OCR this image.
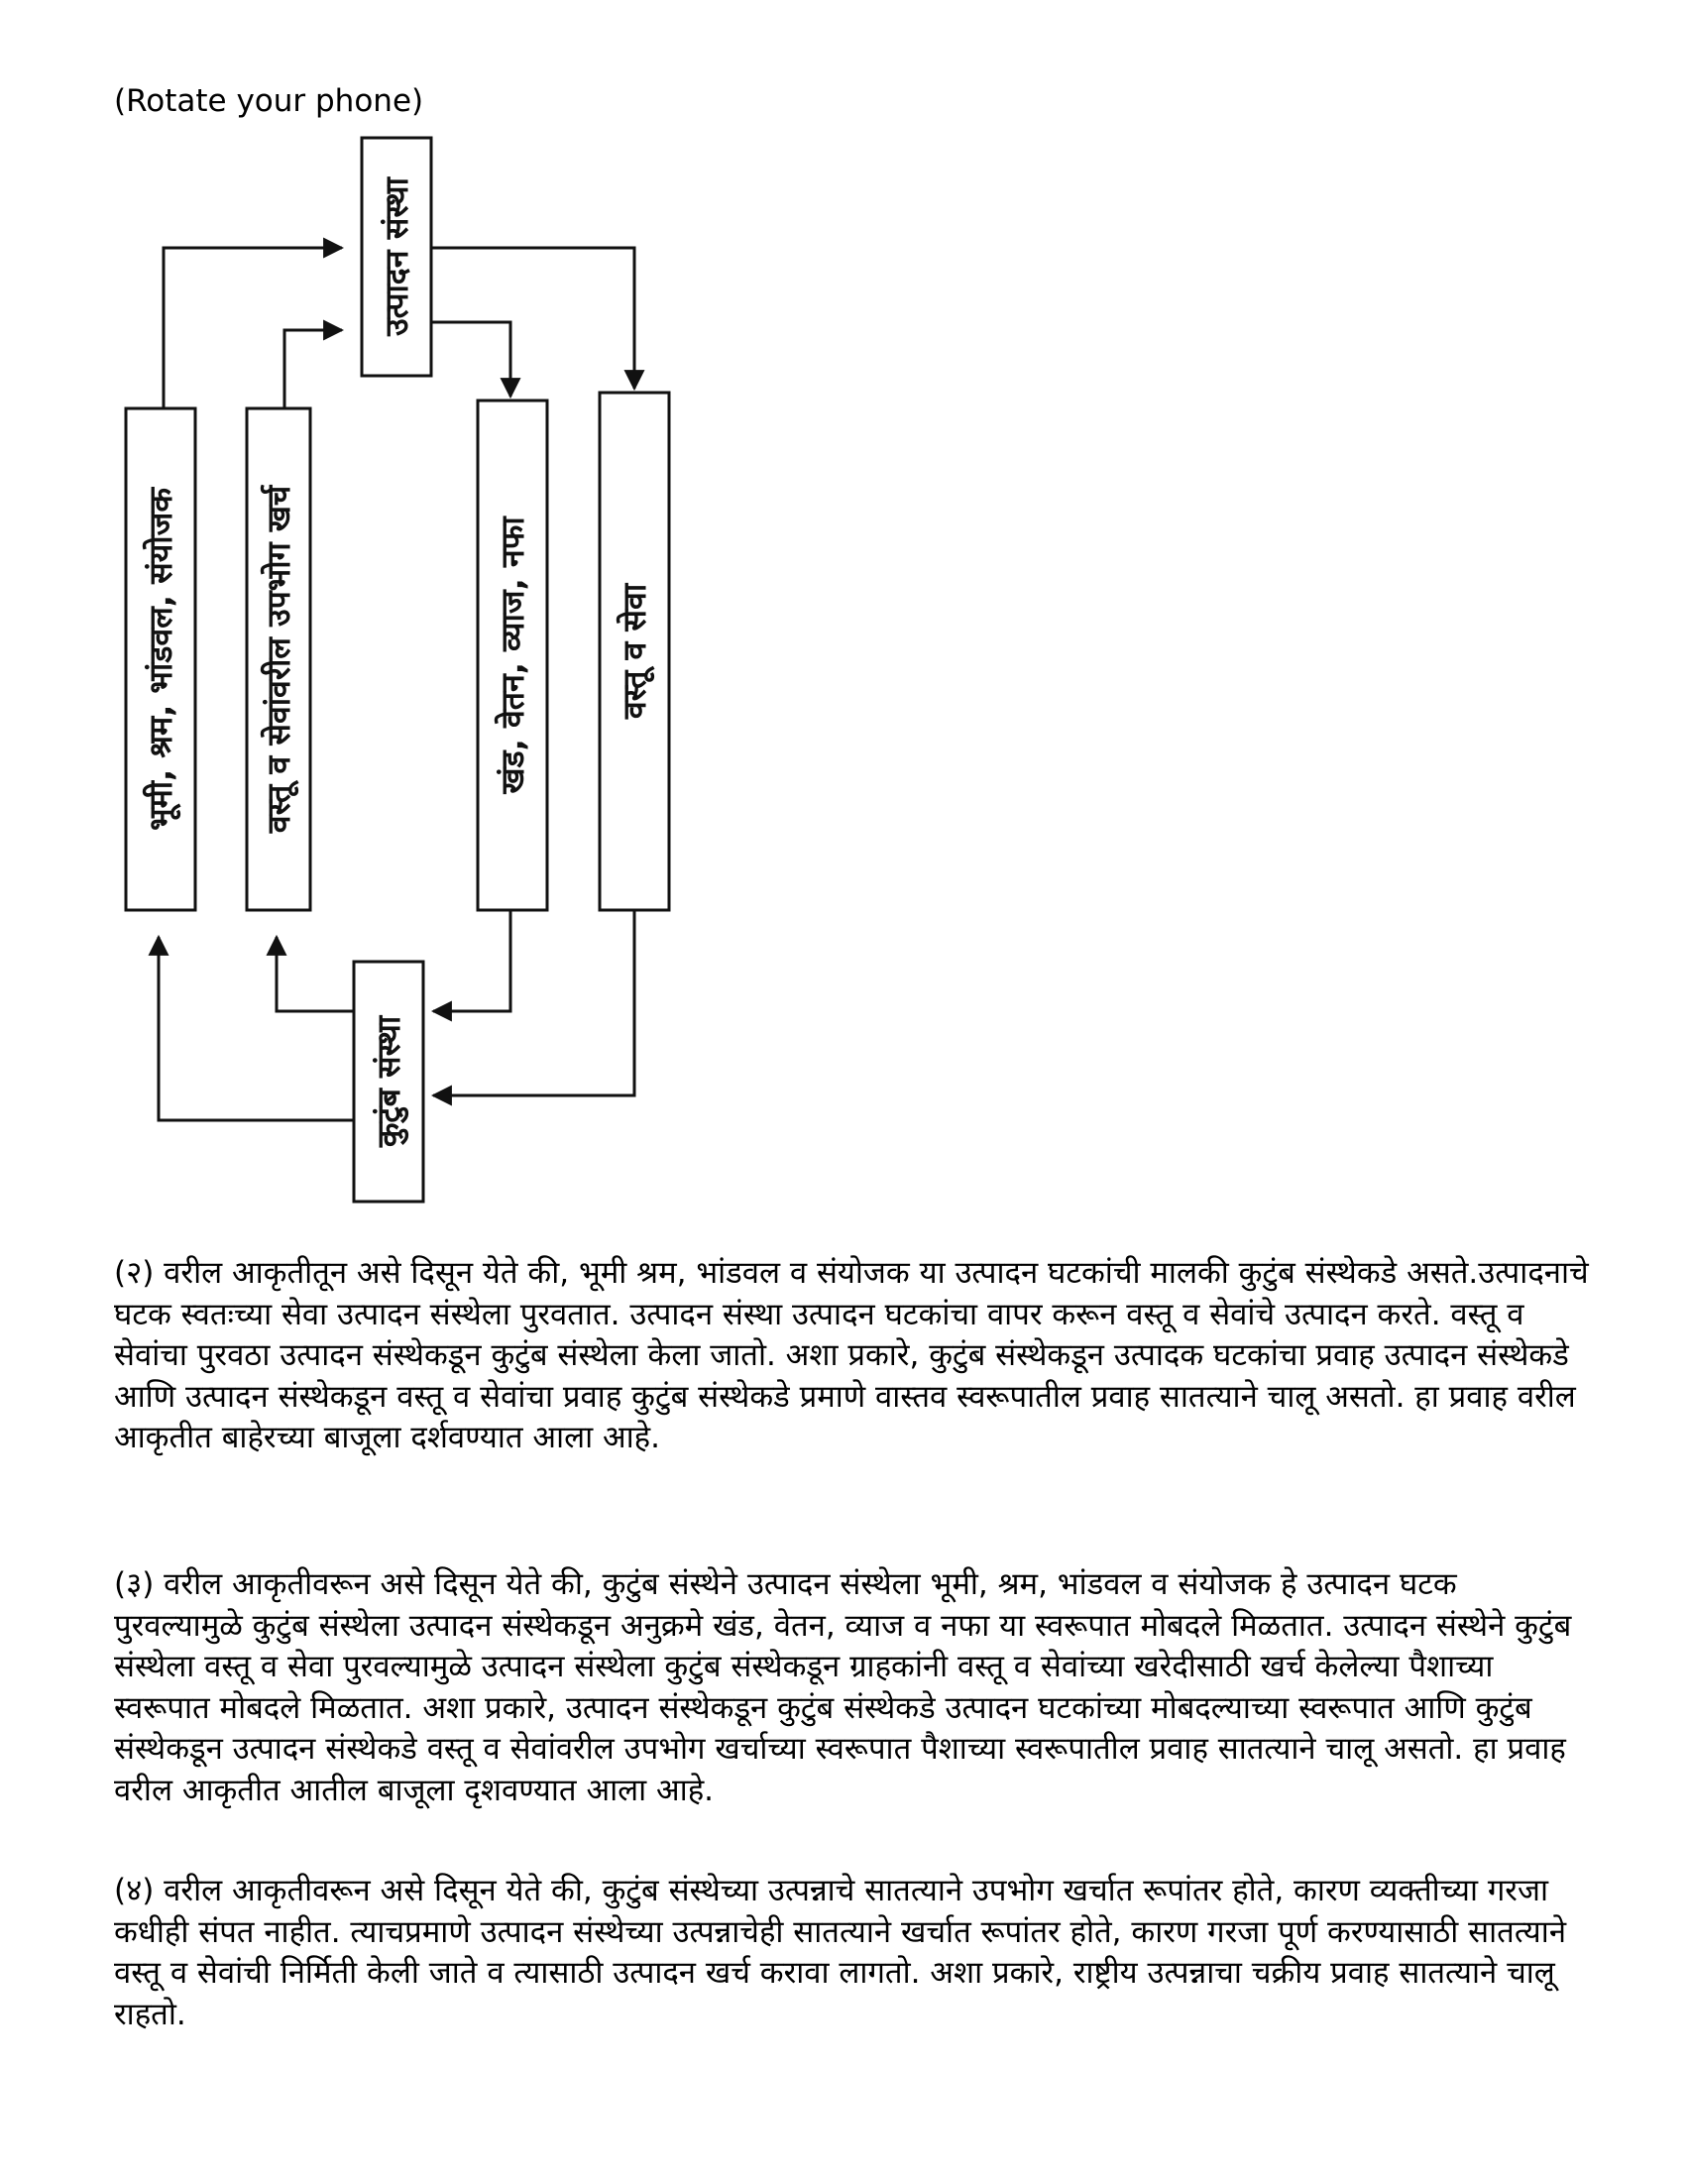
(Rotate your phone)
उत्पादन संस्था
भूमी, श्रम, भांडवल, संयोजक	वस्तू व सेवांवरील उपभोग खर्च	खंड, वेतन, व्याज, नफा	वस्तू व सेवा
कुटुंब संस्था

(२) वरील आकृतीतून असे दिसून येते की, भूमी श्रम, भांडवल व संयोजक या उत्पादन घटकांची मालकी कुटुंब संस्थेकडे असते.उत्पादनाचे घटक स्वतःच्या सेवा उत्पादन संस्थेला पुरवतात. उत्पादन संस्था उत्पादन घटकांचा वापर करून वस्तू व सेवांचे उत्पादन करते. वस्तू व सेवांचा पुरवठा उत्पादन संस्थेकडून कुटुंब संस्थेला केला जातो. अशा प्रकारे, कुटुंब संस्थेकडून उत्पादक घटकांचा प्रवाह उत्पादन संस्थेकडे आणि उत्पादन संस्थेकडून वस्तू व सेवांचा प्रवाह कुटुंब संस्थेकडे प्रमाणे वास्तव स्वरूपातील प्रवाह सातत्याने चालू असतो. हा प्रवाह वरील आकृतीत बाहेरच्या बाजूला दर्शवण्यात आला आहे.

(३) वरील आकृतीवरून असे दिसून येते की, कुटुंब संस्थेने उत्पादन संस्थेला भूमी, श्रम, भांडवल व संयोजक हे उत्पादन घटक पुरवल्यामुळे कुटुंब संस्थेला उत्पादन संस्थेकडून अनुक्रमे खंड, वेतन, व्याज व नफा या स्वरूपात मोबदले मिळतात. उत्पादन संस्थेने कुटुंब संस्थेला वस्तू व सेवा पुरवल्यामुळे उत्पादन संस्थेला कुटुंब संस्थेकडून ग्राहकांनी वस्तू व सेवांच्या खरेदीसाठी खर्च केलेल्या पैशाच्या स्वरूपात मोबदले मिळतात. अशा प्रकारे, उत्पादन संस्थेकडून कुटुंब संस्थेकडे उत्पादन घटकांच्या मोबदल्याच्या स्वरूपात आणि कुटुंब संस्थेकडून उत्पादन संस्थेकडे वस्तू व सेवांवरील उपभोग खर्चाच्या स्वरूपात पैशाच्या स्वरूपातील प्रवाह सातत्याने चालू असतो. हा प्रवाह वरील आकृतीत आतील बाजूला दृशवण्यात आला आहे.

(४) वरील आकृतीवरून असे दिसून येते की, कुटुंब संस्थेच्या उत्पन्नाचे सातत्याने उपभोग खर्चात रूपांतर होते, कारण व्यक्तीच्या गरजा कधीही संपत नाहीत. त्याचप्रमाणे उत्पादन संस्थेच्या उत्पन्नाचेही सातत्याने खर्चात रूपांतर होते, कारण गरजा पूर्ण करण्यासाठी सातत्याने वस्तू व सेवांची निर्मिती केली जाते व त्यासाठी उत्पादन खर्च करावा लागतो. अशा प्रकारे, राष्ट्रीय उत्पन्नाचा चक्रीय प्रवाह सातत्याने चालू राहतो.
